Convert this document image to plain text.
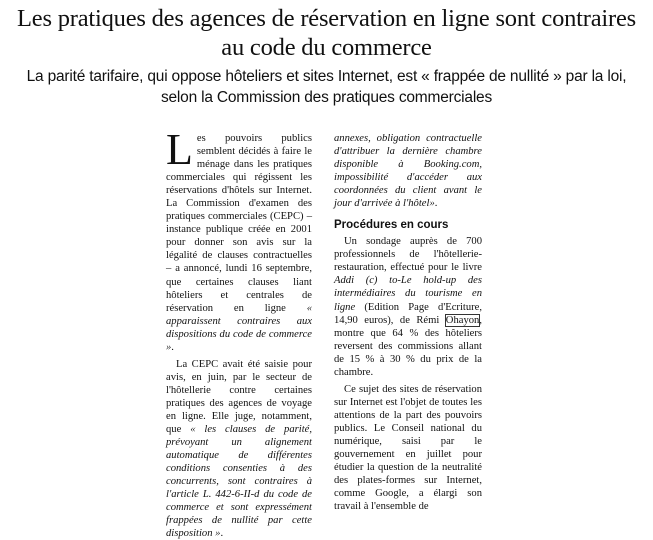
Les pratiques des agences de réservation en ligne sont contraires au code du commerce

La parité tarifaire, qui oppose hôteliers et sites Internet, est « frappée de nullité » par la loi, selon la Commission des pratiques commerciales

Les pouvoirs publics semblent décidés à faire le ménage dans les pratiques commerciales qui régissent les réservations d'hôtels sur Internet. La Commission d'examen des pratiques commerciales (CEPC) – instance publique créée en 2001 pour donner son avis sur la légalité de clauses contractuelles – a annoncé, lundi 16 septembre, que certaines clauses liant hôteliers et centrales de réservation en ligne « apparaissent contraires aux dispositions du code de commerce ».

La CEPC avait été saisie pour avis, en juin, par le secteur de l'hôtellerie contre certaines pratiques des agences de voyage en ligne. Elle juge, notamment, que « les clauses de parité, prévoyant un alignement automatique de différentes conditions consenties à des concurrents, sont contraires à l'article L. 442-6-II-d du code de commerce et sont expressément frappées de nullité par cette disposition ».

annexes, obligation contractuelle d'attribuer la dernière chambre disponible à Booking.com, impossibilité d'accéder aux coordonnées du client avant le jour d'arrivée à l'hôtel».

Procédures en cours

Un sondage auprès de 700 professionnels de l'hôtellerie-restauration, effectué pour le livre Addi (c) to-Le hold-up des intermédiaires du tourisme en ligne (Edition Page d'Ecriture, 14,90 euros), de Rémi Ohayon, montre que 64 % des hôteliers reversent des commissions allant de 15 % à 30 % du prix de la chambre.

Ce sujet des sites de réservation sur Internet est l'objet de toutes les attentions de la part des pouvoirs publics. Le Conseil national du numérique, saisi par le gouvernement en juillet pour étudier la question de la neutralité des plates-formes sur Internet, comme Google, a élargi son travail à l'ensemble de
